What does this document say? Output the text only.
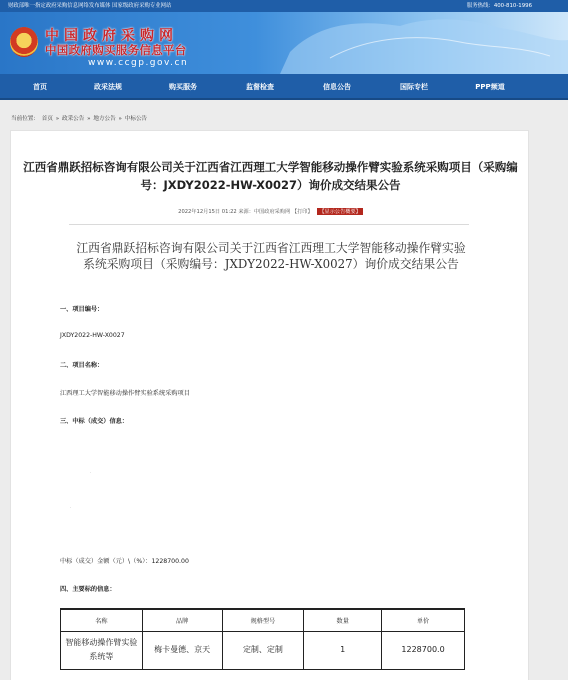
财政部唯一指定政府采购信息网络发布媒体 国家级政府采购专业网站	服务热线：400-810-1996
中国政府采购网
中国政府购买服务信息平台
www.ccgp.gov.cn
首页	政采法规	购买服务	监督检查	信息公告	国际专栏	PPP频道
当前位置： 首页 » 政采公告 » 地方公告 » 中标公告
江西省鼎跃招标咨询有限公司关于江西省江西理工大学智能移动操作臂实验系统采购项目（采购编号：JXDY2022-HW-X0027）询价成交结果公告
2022年12月15日 01:22 来源：中国政府采购网 【打印】 【显示公告概要】
江西省鼎跃招标咨询有限公司关于江西省江西理工大学智能移动操作臂实验系统采购项目（采购编号：JXDY2022-HW-X0027）询价成交结果公告
一、项目编号：
JXDY2022-HW-X0027
二、项目名称：
江西理工大学智能移动操作臂实验系统采购项目
三、中标（成交）信息：
·
·
中标（成交）金额（元）\（%）：1228700.00
四、主要标的信息：
名称	品牌	规格型号	数量	单价
智能移动操作臂实验系统等	梅卡曼德、京天	定制、定制	1	1228700.0
